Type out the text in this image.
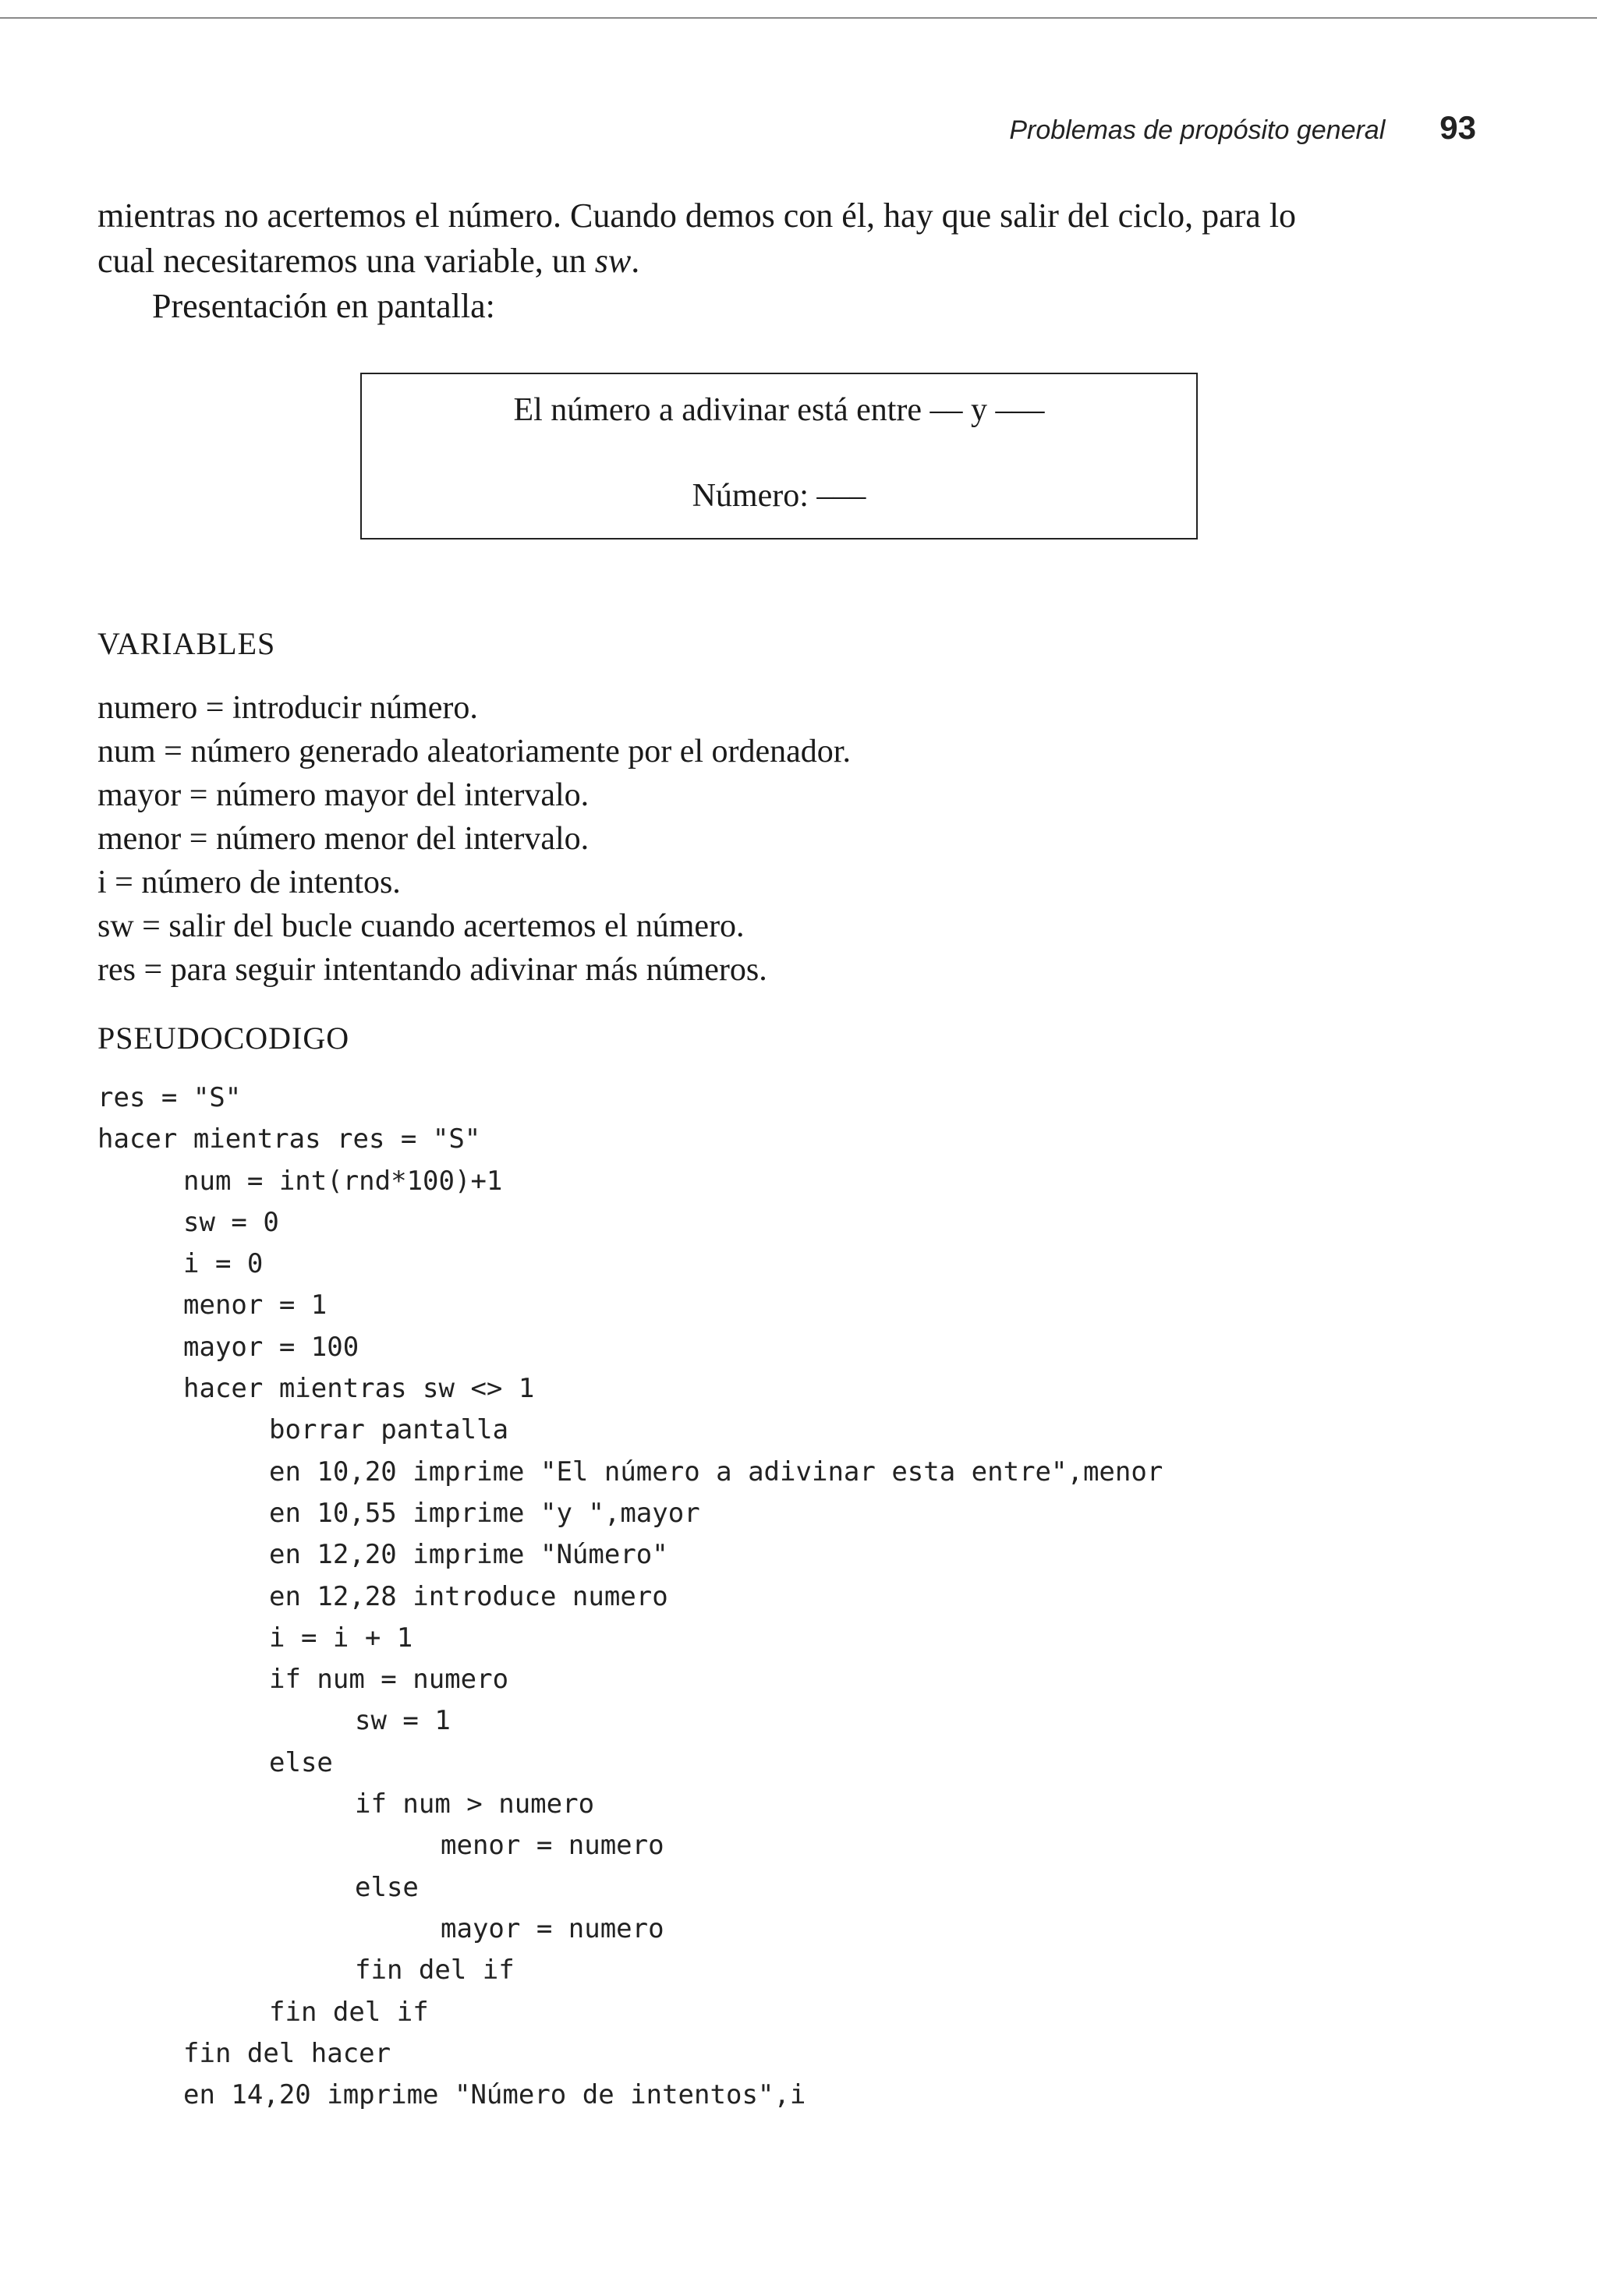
Problemas de propósito general 93

mientras no acertemos el número. Cuando demos con él, hay que salir del ciclo, para lo

cual necesitaremos una variable, un sw.

Presentación en pantalla:

El número a adivinar está entre –– y –––
Número: –––
VARIABLES
numero = introducir número.
num = número generado aleatoriamente por el ordenador.
mayor = número mayor del intervalo.
menor = número menor del intervalo.
i = número de intentos.
sw = salir del bucle cuando acertemos el número.
res = para seguir intentando adivinar más números.
PSEUDOCODIGO
res = "S"
hacer mientras res = "S"
num = int(rnd*100)+1
sw = 0
i = 0
menor = 1
mayor = 100
hacer mientras sw <> 1
borrar pantalla
en 10,20 imprime "El número a adivinar esta entre",menor
en 10,55 imprime "y ",mayor
en 12,20 imprime "Número"
en 12,28 introduce numero
i = i + 1
if num = numero
sw = 1
else
if num > numero
menor = numero
else
mayor = numero
fin del if
fin del if
fin del hacer
en 14,20 imprime "Número de intentos",i
